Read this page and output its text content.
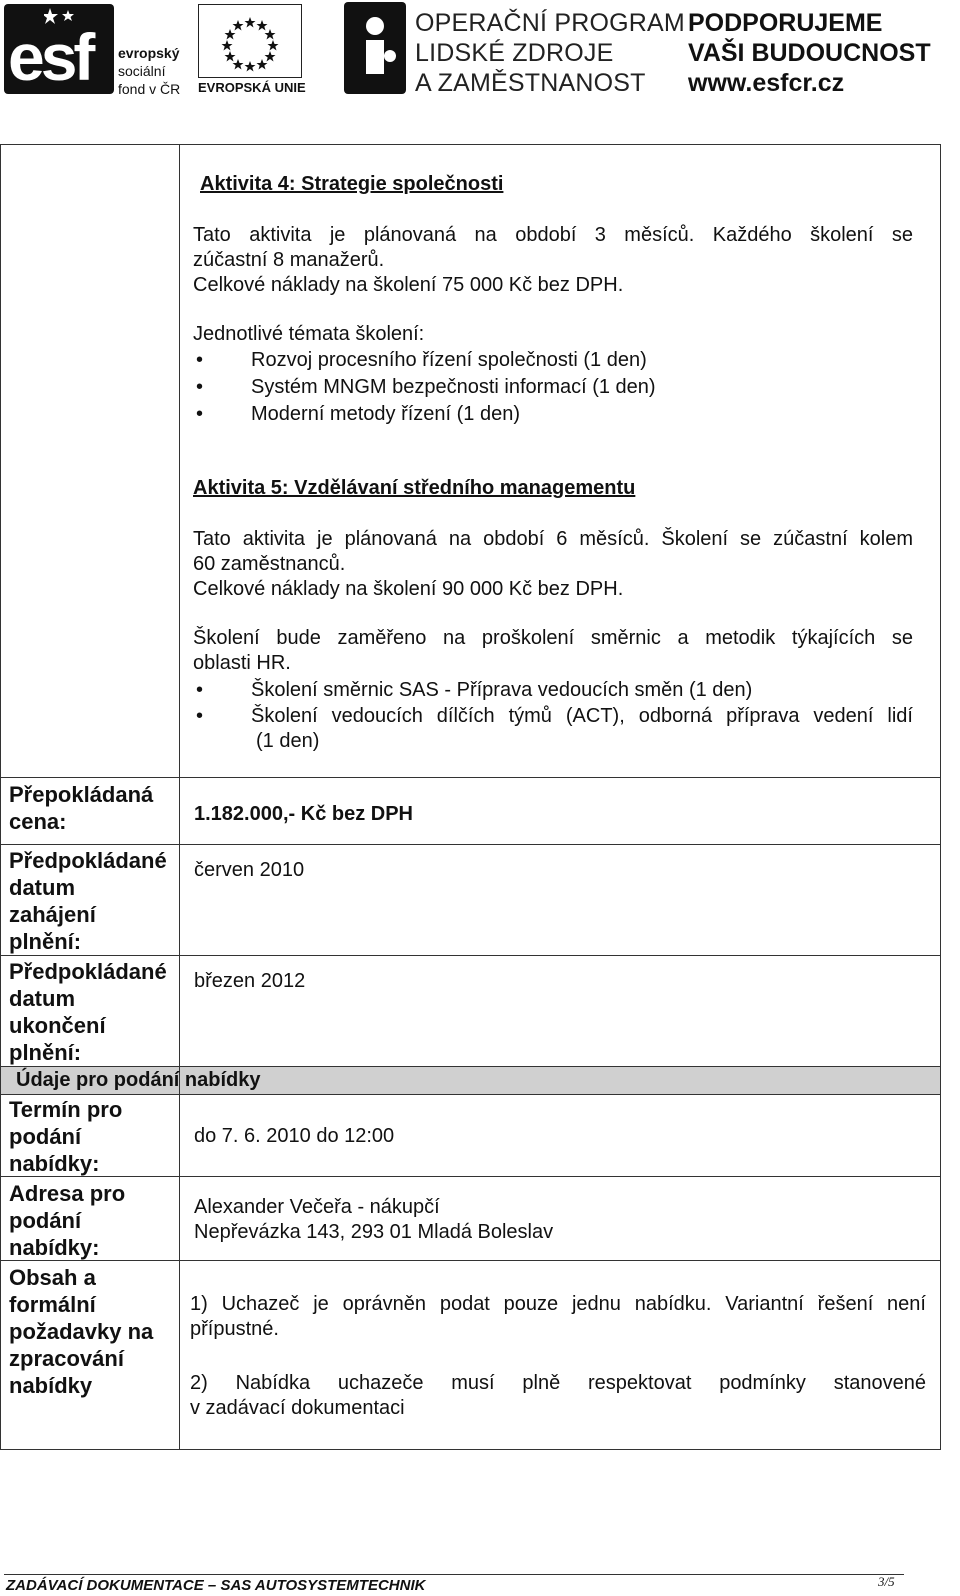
esf evropský
sociální
fond v ČR EVROPSKÁ UNIE
OPERAČNÍ PROGRAM
LIDSKÉ ZDROJE
A ZAMĚSTNANOST
PODPORUJEME
VAŠI BUDOUCNOST
www.esfcr.cz
Aktivita 4: Strategie společnosti
Tato aktivita je plánovaná na období 3 měsíců. Každého školení se
zúčastní 8 manažerů.
Celkové náklady na školení 75 000 Kč bez DPH.
Jednotlivé témata školení:
• Rozvoj procesního řízení společnosti (1 den)
• Systém MNGM bezpečnosti informací (1 den)
• Moderní metody řízení (1 den)
Aktivita 5: Vzdělávaní středního managementu
Tato aktivita je plánovaná na období 6 měsíců. Školení se zúčastní kolem
60 zaměstnanců.
Celkové náklady na školení 90 000 Kč bez DPH.
Školení bude zaměřeno na proškolení směrnic a metodik týkajících se
oblasti HR.
• Školení směrnic SAS - Příprava vedoucích směn (1 den)
• Školení vedoucích dílčích týmů (ACT), odborná příprava vedení lidí
(1 den)
Přepokládaná
cena:	1.182.000,- Kč bez DPH
Předpokládané
datum
zahájení
plnění:
červen 2010
Předpokládané
datum
ukončení
plnění:
březen 2012
Údaje pro podání nabídky
Termín pro
podání
nabídky:
do 7. 6. 2010 do 12:00
Adresa pro
podání
nabídky:
Alexander Večeřa - nákupčí
Nepřevázka 143, 293 01 Mladá Boleslav
Obsah a
formální
požadavky na
zpracování
nabídky
1) Uchazeč je oprávněn podat pouze jednu nabídku. Variantní řešení není
přípustné.
2) Nabídka uchazeče musí plně respektovat podmínky stanovené
v zadávací dokumentaci
ZADÁVACÍ DOKUMENTACE – SAS AUTOSYSTEMTECHNIK	3/5
